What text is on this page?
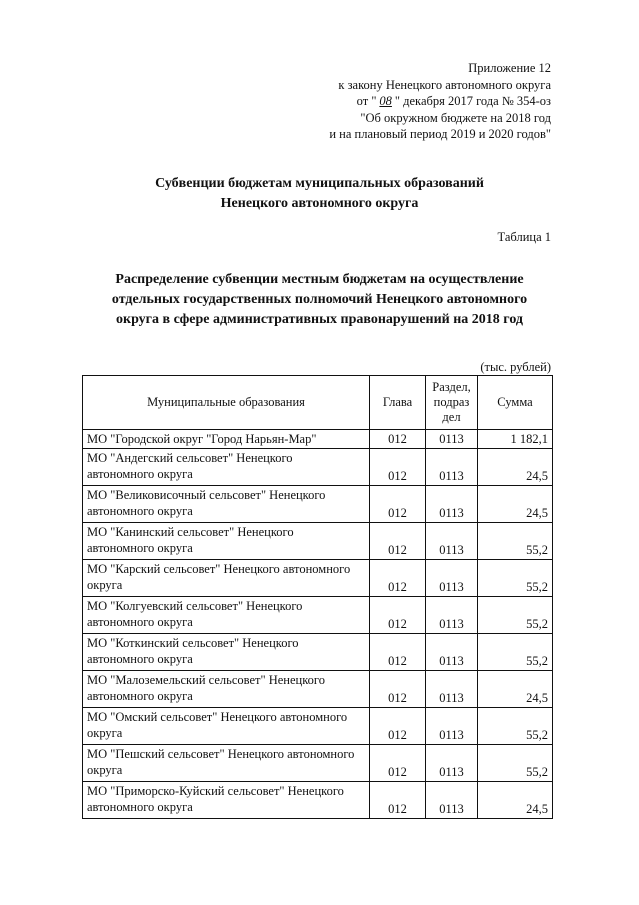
Приложение 12
к закону Ненецкого автономного округа
от " 08 " декабря 2017 года № 354-оз
"Об окружном бюджете на 2018 год
и на плановый период 2019 и 2020 годов"
Субвенции бюджетам муниципальных образований
Ненецкого автономного округа
Таблица 1
Распределение субвенции местным бюджетам на осуществление
отдельных государственных полномочий Ненецкого автономного
округа в сфере административных правонарушений на 2018 год
(тыс. рублей)
Муниципальные образования	Глава	Раздел,
подраз
дел	Сумма

МО "Городской округ "Город Нарьян-Мар"	012	0113	1 182,1

МО "Андегский сельсовет" Ненецкого
автономного округа	012	0113	24,5

МО "Великовисочный сельсовет" Ненецкого
автономного округа	012	0113	24,5

МО "Канинский сельсовет" Ненецкого
автономного округа	012	0113	55,2

МО "Карский сельсовет" Ненецкого автономного
округа	012	0113	55,2

МО "Колгуевский сельсовет" Ненецкого
автономного округа	012	0113	55,2

МО "Коткинский сельсовет" Ненецкого
автономного округа	012	0113	55,2

МО "Малоземельский сельсовет" Ненецкого
автономного округа	012	0113	24,5

МО "Омский сельсовет" Ненецкого автономного
округа	012	0113	55,2

МО "Пешский сельсовет" Ненецкого автономного
округа	012	0113	55,2

МО "Приморско-Куйский сельсовет" Ненецкого
автономного округа	012	0113	24,5
